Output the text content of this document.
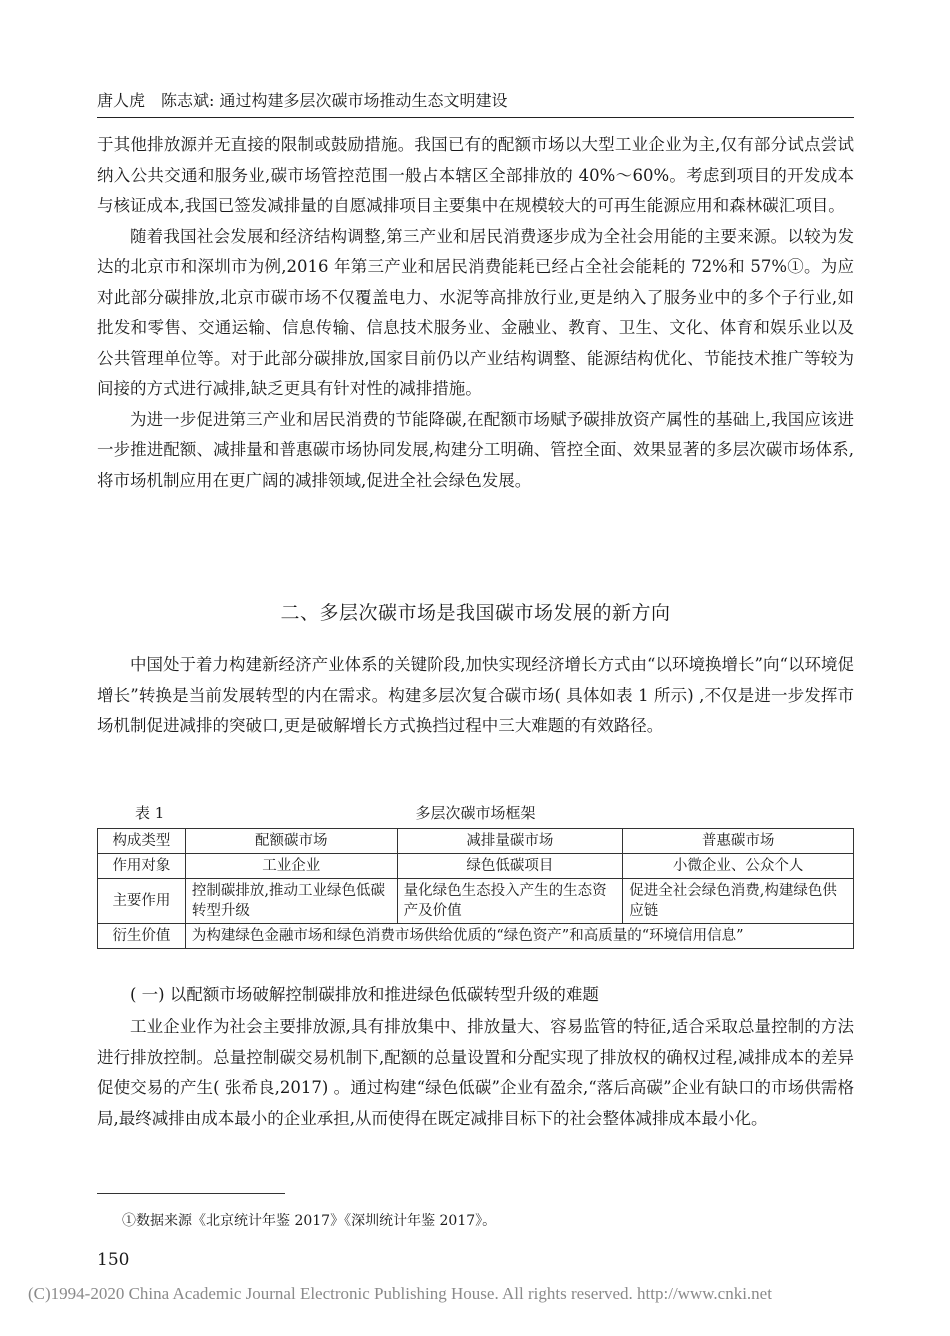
唐人虎　陈志斌: 通过构建多层次碳市场推动生态文明建设

于其他排放源并无直接的限制或鼓励措施。我国已有的配额市场以大型工业企业为主,仅有部分试点尝试纳入公共交通和服务业,碳市场管控范围一般占本辖区全部排放的 40%～60%。考虑到项目的开发成本与核证成本,我国已签发减排量的自愿减排项目主要集中在规模较大的可再生能源应用和森林碳汇项目。

随着我国社会发展和经济结构调整,第三产业和居民消费逐步成为全社会用能的主要来源。以较为发达的北京市和深圳市为例,2016 年第三产业和居民消费能耗已经占全社会能耗的 72%和 57%①。为应对此部分碳排放,北京市碳市场不仅覆盖电力、水泥等高排放行业,更是纳入了服务业中的多个子行业,如批发和零售、交通运输、信息传输、信息技术服务业、金融业、教育、卫生、文化、体育和娱乐业以及公共管理单位等。对于此部分碳排放,国家目前仍以产业结构调整、能源结构优化、节能技术推广等较为间接的方式进行减排,缺乏更具有针对性的减排措施。

为进一步促进第三产业和居民消费的节能降碳,在配额市场赋予碳排放资产属性的基础上,我国应该进一步推进配额、减排量和普惠碳市场协同发展,构建分工明确、管控全面、效果显著的多层次碳市场体系,将市场机制应用在更广阔的减排领域,促进全社会绿色发展。

二、多层次碳市场是我国碳市场发展的新方向

中国处于着力构建新经济产业体系的关键阶段,加快实现经济增长方式由“以环境换增长”向“以环境促增长”转换是当前发展转型的内在需求。构建多层次复合碳市场( 具体如表 1 所示) ,不仅是进一步发挥市场机制促进减排的突破口,更是破解增长方式换挡过程中三大难题的有效路径。

多层次碳市场框架
表 1
构成类型	配额碳市场	减排量碳市场	普惠碳市场
作用对象	工业企业	绿色低碳项目	小微企业、公众个人
主要作用	控制碳排放,推动工业绿色低碳转型升级	量化绿色生态投入产生的生态资产及价值	促进全社会绿色消费,构建绿色供应链
衍生价值	为构建绿色金融市场和绿色消费市场供给优质的“绿色资产”和高质量的“环境信用信息”		
( 一) 以配额市场破解控制碳排放和推进绿色低碳转型升级的难题

工业企业作为社会主要排放源,具有排放集中、排放量大、容易监管的特征,适合采取总量控制的方法进行排放控制。总量控制碳交易机制下,配额的总量设置和分配实现了排放权的确权过程,减排成本的差异促使交易的产生( 张希良,2017) 。通过构建“绿色低碳”企业有盈余,“落后高碳”企业有缺口的市场供需格局,最终减排由成本最小的企业承担,从而使得在既定减排目标下的社会整体减排成本最小化。

①数据来源《北京统计年鉴 2017》《深圳统计年鉴 2017》。
150
(C)1994-2020 China Academic Journal Electronic Publishing House. All rights reserved. http://www.cnki.net
